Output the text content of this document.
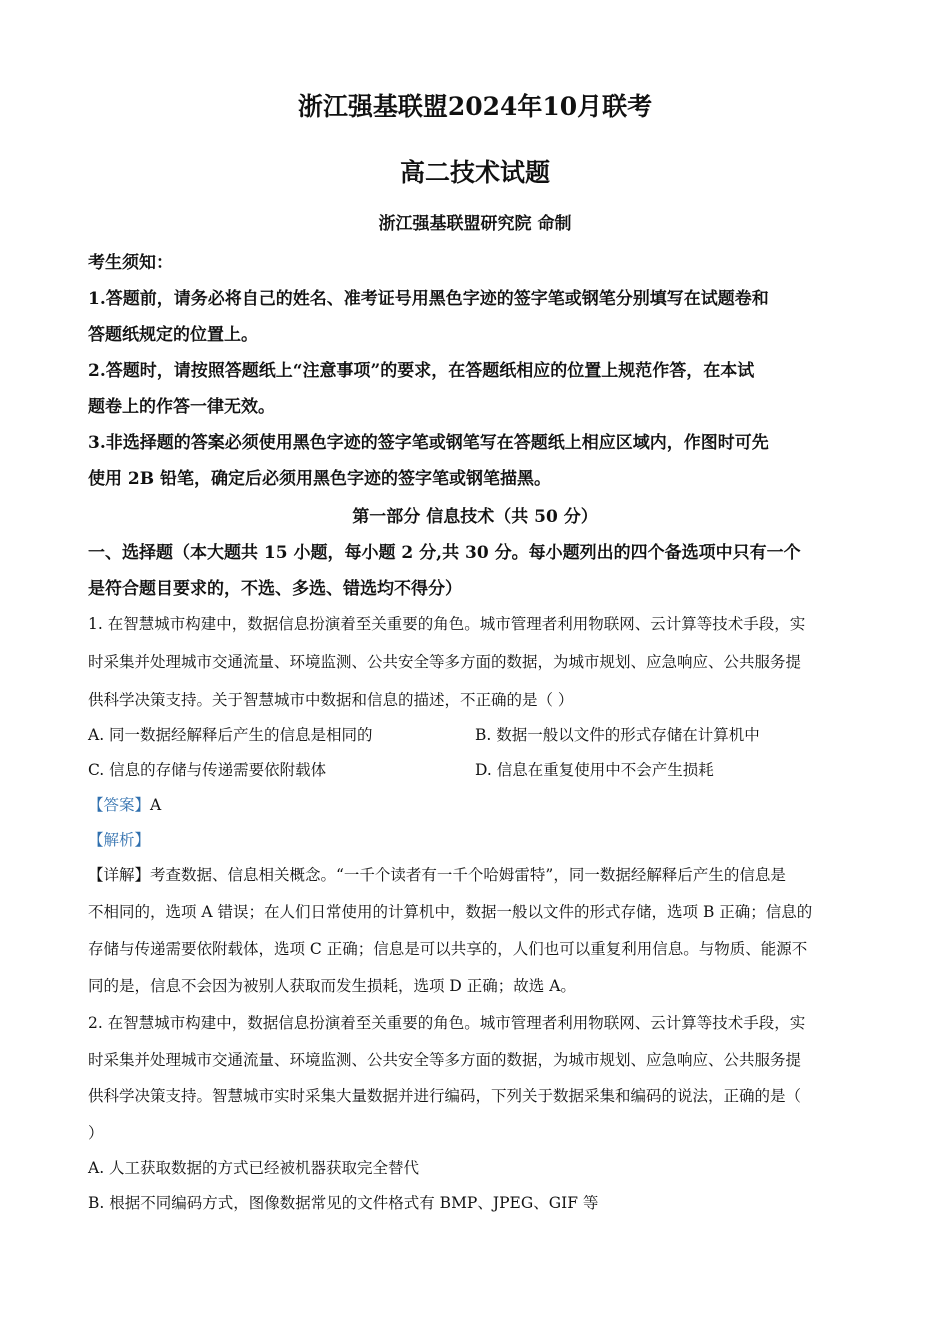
浙江强基联盟2024年10月联考
高二技术试题
浙江强基联盟研究院 命制
考生须知：
1.答题前，请务必将自己的姓名、准考证号用黑色字迹的签字笔或钢笔分别填写在试题卷和
答题纸规定的位置上。
2.答题时，请按照答题纸上“注意事项”的要求，在答题纸相应的位置上规范作答，在本试
题卷上的作答一律无效。
3.非选择题的答案必须使用黑色字迹的签字笔或钢笔写在答题纸上相应区域内，作图时可先
使用 2B 铅笔，确定后必须用黑色字迹的签字笔或钢笔描黑。
第一部分 信息技术（共 50 分）
一、选择题（本大题共 15 小题，每小题 2 分,共 30 分。每小题列出的四个备选项中只有一个
是符合题目要求的，不选、多选、错选均不得分）
1. 在智慧城市构建中，数据信息扮演着至关重要的角色。城市管理者利用物联网、云计算等技术手段，实
时采集并处理城市交通流量、环境监测、公共安全等多方面的数据，为城市规划、应急响应、公共服务提
供科学决策支持。关于智慧城市中数据和信息的描述，不正确的是（ ）
A. 同一数据经解释后产生的信息是相同的	B. 数据一般以文件的形式存储在计算机中
C. 信息的存储与传递需要依附载体	D. 信息在重复使用中不会产生损耗
【答案】A
【解析】
【详解】考查数据、信息相关概念。“一千个读者有一千个哈姆雷特”，同一数据经解释后产生的信息是
不相同的，选项 A 错误；在人们日常使用的计算机中，数据一般以文件的形式存储，选项 B 正确；信息的
存储与传递需要依附载体，选项 C 正确；信息是可以共享的，人们也可以重复利用信息。与物质、能源不
同的是，信息不会因为被别人获取而发生损耗，选项 D 正确；故选 A。
2. 在智慧城市构建中，数据信息扮演着至关重要的角色。城市管理者利用物联网、云计算等技术手段，实
时采集并处理城市交通流量、环境监测、公共安全等多方面的数据，为城市规划、应急响应、公共服务提
供科学决策支持。智慧城市实时采集大量数据并进行编码，下列关于数据采集和编码的说法，正确的是（
）
A. 人工获取数据的方式已经被机器获取完全替代
B. 根据不同编码方式，图像数据常见的文件格式有 BMP、JPEG、GIF 等
